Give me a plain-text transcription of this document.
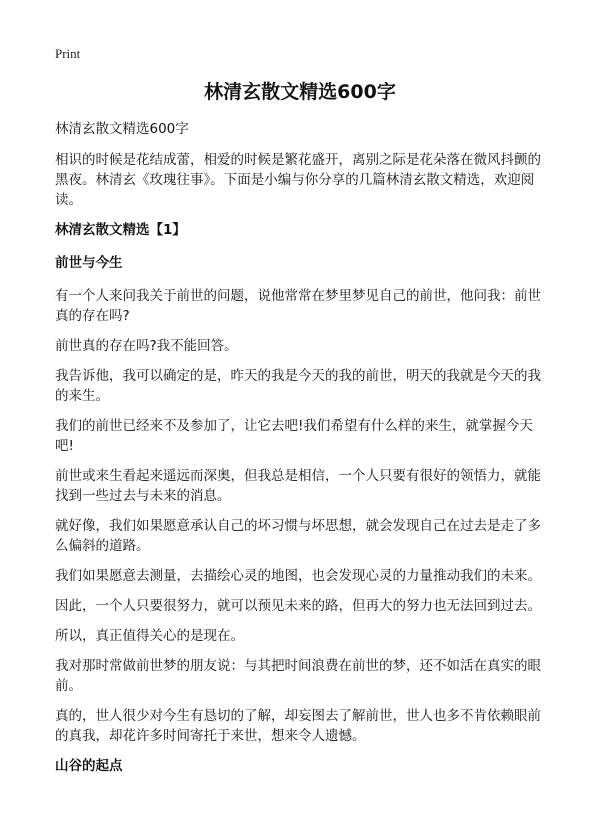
Print
林清玄散文精选600字

林清玄散文精选600字

相识的时候是花结成蕾，相爱的时候是繁花盛开，离别之际是花朵落在微风抖颤的黑夜。林清玄《玫瑰往事》。下面是小编与你分享的几篇林清玄散文精选，欢迎阅读。

林清玄散文精选【1】
前世与今生

有一个人来问我关于前世的问题，说他常常在梦里梦见自己的前世，他问我：前世真的存在吗?

前世真的存在吗?我不能回答。

我告诉他，我可以确定的是，昨天的我是今天的我的前世，明天的我就是今天的我的来生。

我们的前世已经来不及参加了，让它去吧!我们希望有什么样的来生，就掌握今天吧!

前世或来生看起来遥远而深奥，但我总是相信，一个人只要有很好的领悟力，就能找到一些过去与未来的消息。

就好像，我们如果愿意承认自己的坏习惯与坏思想，就会发现自己在过去是走了多么偏斜的道路。

我们如果愿意去测量，去描绘心灵的地图，也会发现心灵的力量推动我们的未来。

因此，一个人只要很努力，就可以预见未来的路，但再大的努力也无法回到过去。

所以，真正值得关心的是现在。

我对那时常做前世梦的朋友说：与其把时间浪费在前世的梦，还不如活在真实的眼前。

真的，世人很少对今生有恳切的了解，却妄图去了解前世，世人也多不肯依赖眼前的真我，却花许多时间寄托于来世，想来令人遗憾。

山谷的起点
